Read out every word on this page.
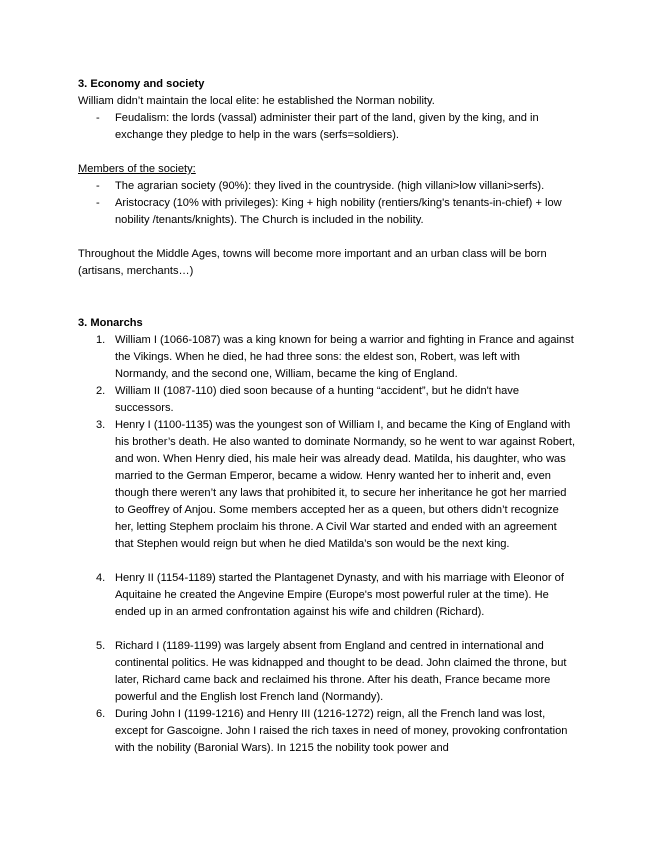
3. Economy and society
William didn’t maintain the local elite: he established the Norman nobility.
- Feudalism: the lords (vassal) administer their part of the land, given by the king, and in exchange they pledge to help in the wars (serfs=soldiers).
Members of the society:
- The agrarian society (90%): they lived in the countryside. (high villani>low villani>serfs).
- Aristocracy (10% with privileges): King + high nobility (rentiers/king's tenants-in-chief) + low nobility /tenants/knights). The Church is included in the nobility.
Throughout the Middle Ages, towns will become more important and an urban class will be born (artisans, merchants…)
3. Monarchs
1. William I (1066-1087) was a king known for being a warrior and fighting in France and against the Vikings. When he died, he had three sons: the eldest son, Robert, was left with Normandy, and the second one, William, became the king of England.
2. William II (1087-110) died soon because of a hunting “accident”, but he didn't have successors.
3. Henry I (1100-1135) was the youngest son of William I, and became the King of England with his brother’s death. He also wanted to dominate Normandy, so he went to war against Robert, and won. When Henry died, his male heir was already dead. Matilda, his daughter, who was married to the German Emperor, became a widow. Henry wanted her to inherit and, even though there weren’t any laws that prohibited it, to secure her inheritance he got her married to Geoffrey of Anjou. Some members accepted her as a queen, but others didn’t recognize her, letting Stephem proclaim his throne. A Civil War started and ended with an agreement that Stephen would reign but when he died Matilda’s son would be the next king.
4. Henry II (1154-1189) started the Plantagenet Dynasty, and with his marriage with Eleonor of Aquitaine he created the Angevine Empire (Europe's most powerful ruler at the time). He ended up in an armed confrontation against his wife and children (Richard).
5. Richard I (1189-1199) was largely absent from England and centred in international and continental politics. He was kidnapped and thought to be dead. John claimed the throne, but later, Richard came back and reclaimed his throne. After his death, France became more powerful and the English lost French land (Normandy).
6. During John I (1199-1216) and Henry III (1216-1272) reign, all the French land was lost, except for Gascoigne. John I raised the rich taxes in need of money, provoking confrontation with the nobility (Baronial Wars). In 1215 the nobility took power and
